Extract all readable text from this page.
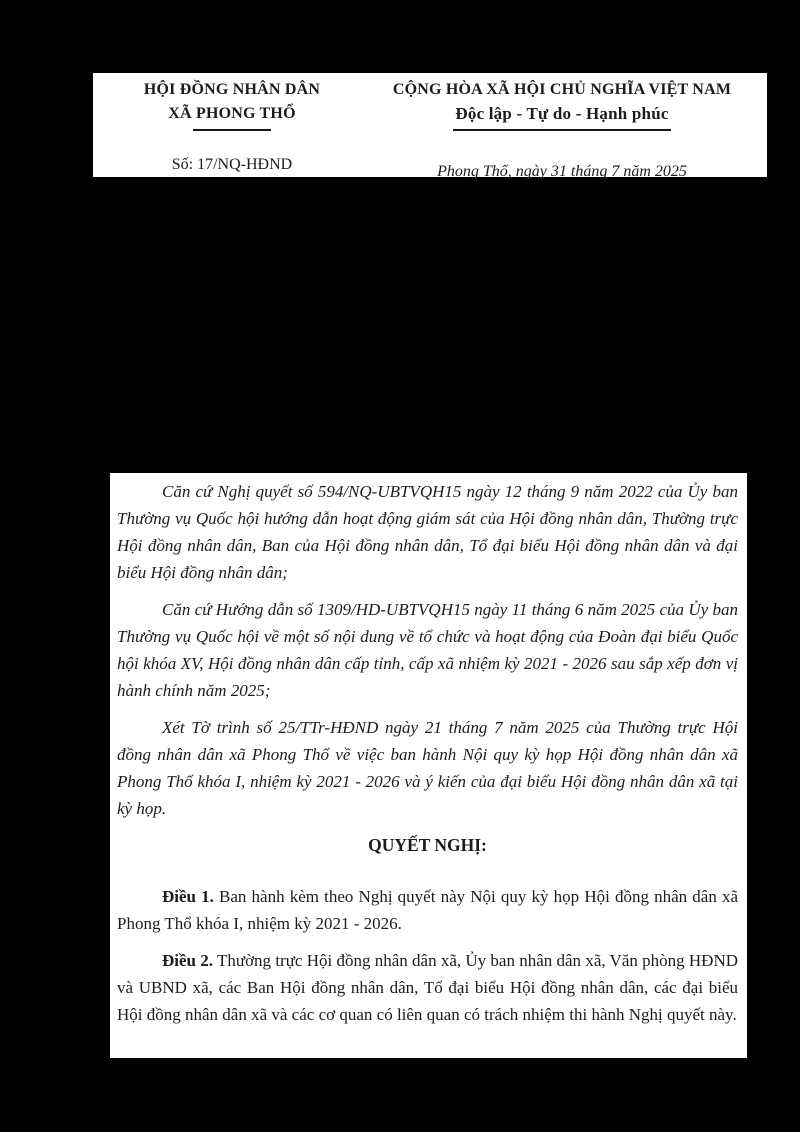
HỘI ĐỒNG NHÂN DÂN
XÃ PHONG THỔ
Số: 17/NQ-HĐND
CỘNG HÒA XÃ HỘI CHỦ NGHĨA VIỆT NAM
Độc lập - Tự do - Hạnh phúc
Phong Thổ, ngày 31 tháng 7 năm 2025

Căn cứ Nghị quyết số 594/NQ-UBTVQH15 ngày 12 tháng 9 năm 2022 của Ủy ban Thường vụ Quốc hội hướng dẫn hoạt động giám sát của Hội đồng nhân dân, Thường trực Hội đồng nhân dân, Ban của Hội đồng nhân dân, Tổ đại biểu Hội đồng nhân dân và đại biểu Hội đồng nhân dân;

Căn cứ Hướng dẫn số 1309/HD-UBTVQH15 ngày 11 tháng 6 năm 2025 của Ủy ban Thường vụ Quốc hội về một số nội dung về tổ chức và hoạt động của Đoàn đại biểu Quốc hội khóa XV, Hội đồng nhân dân cấp tỉnh, cấp xã nhiệm kỳ 2021 - 2026 sau sắp xếp đơn vị hành chính năm 2025;

Xét Tờ trình số 25/TTr-HĐND ngày 21 tháng 7 năm 2025 của Thường trực Hội đồng nhân dân xã Phong Thổ về việc ban hành Nội quy kỳ họp Hội đồng nhân dân xã Phong Thổ khóa I, nhiệm kỳ 2021 - 2026 và ý kiến của đại biểu Hội đồng nhân dân xã tại kỳ họp.

QUYẾT NGHỊ:

Điều 1. Ban hành kèm theo Nghị quyết này Nội quy kỳ họp Hội đồng nhân dân xã Phong Thổ khóa I, nhiệm kỳ 2021 - 2026.

Điều 2. Thường trực Hội đồng nhân dân xã, Ủy ban nhân dân xã, Văn phòng HĐND và UBND xã, các Ban Hội đồng nhân dân, Tổ đại biểu Hội đồng nhân dân, các đại biểu Hội đồng nhân dân xã và các cơ quan có liên quan có trách nhiệm thi hành Nghị quyết này.
